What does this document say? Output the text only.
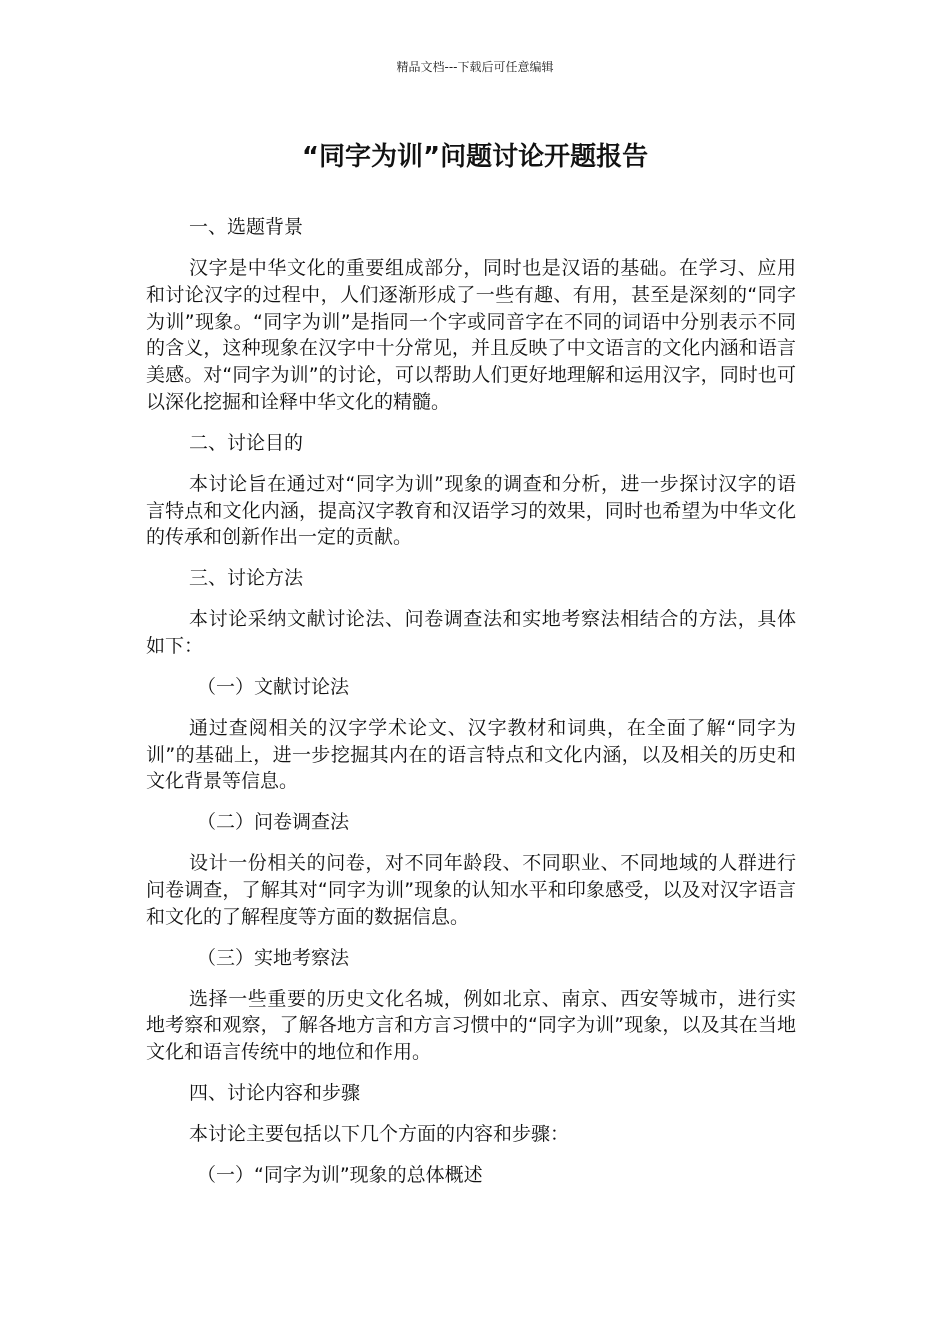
精品文档---下载后可任意编辑
“同字为训”问题讨论开题报告
一、选题背景
汉字是中华文化的重要组成部分，同时也是汉语的基础。在学习、应用和讨论汉字的过程中，人们逐渐形成了一些有趣、有用，甚至是深刻的“同字为训”现象。“同字为训”是指同一个字或同音字在不同的词语中分别表示不同的含义，这种现象在汉字中十分常见，并且反映了中文语言的文化内涵和语言美感。对“同字为训”的讨论，可以帮助人们更好地理解和运用汉字，同时也可以深化挖掘和诠释中华文化的精髓。
二、讨论目的
本讨论旨在通过对“同字为训”现象的调查和分析，进一步探讨汉字的语言特点和文化内涵，提高汉字教育和汉语学习的效果，同时也希望为中华文化的传承和创新作出一定的贡献。
三、讨论方法
本讨论采纳文献讨论法、问卷调查法和实地考察法相结合的方法，具体如下：
（一）文献讨论法
通过查阅相关的汉字学术论文、汉字教材和词典，在全面了解“同字为训”的基础上，进一步挖掘其内在的语言特点和文化内涵，以及相关的历史和文化背景等信息。
（二）问卷调查法
设计一份相关的问卷，对不同年龄段、不同职业、不同地域的人群进行问卷调查，了解其对“同字为训”现象的认知水平和印象感受，以及对汉字语言和文化的了解程度等方面的数据信息。
（三）实地考察法
选择一些重要的历史文化名城，例如北京、南京、西安等城市，进行实地考察和观察，了解各地方言和方言习惯中的“同字为训”现象，以及其在当地文化和语言传统中的地位和作用。
四、讨论内容和步骤
本讨论主要包括以下几个方面的内容和步骤：
（一）“同字为训”现象的总体概述
